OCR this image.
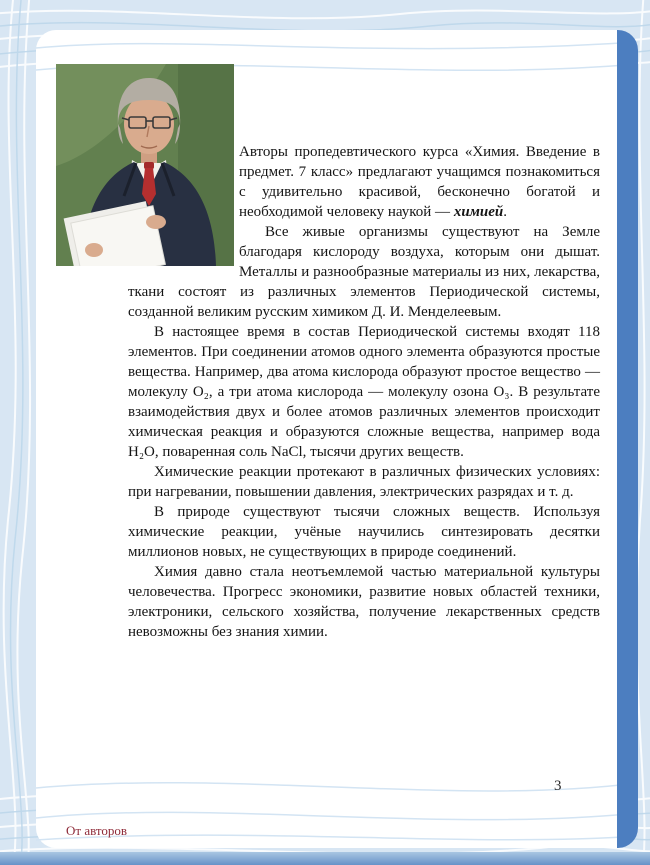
Авторы пропедевтического курса «Химия. Введение в предмет. 7 класс» предлагают учащимся познакомиться с удивительно красивой, бесконечно богатой и необходимой человеку наукой — химией.

Все живые организмы существуют на Земле благодаря кислороду воздуха, которым они дышат. Металлы и разнообразные материалы из них, лекарства, ткани состоят из различных элементов Периодической системы, созданной великим русским химиком Д. И. Менделеевым.

В настоящее время в состав Периодической системы входят 118 элементов. При соединении атомов одного элемента образуются простые вещества. Например, два атома кислорода образуют простое вещество — молекулу O₂, а три атома кислорода — молекулу озона O₃. В результате взаимодействия двух и более атомов различных элементов происходит химическая реакция и образуются сложные вещества, например вода H₂O, поваренная соль NaCl, тысячи других веществ.

Химические реакции протекают в различных физических условиях: при нагревании, повышении давления, электрических разрядах и т. д.

В природе существуют тысячи сложных веществ. Используя химические реакции, учёные научились синтезировать десятки миллионов новых, не существующих в природе соединений.

Химия давно стала неотъемлемой частью материальной культуры человечества. Прогресс экономики, развитие новых областей техники, электроники, сельского хозяйства, получение лекарственных средств невозможны без знания химии.

3
От авторов
